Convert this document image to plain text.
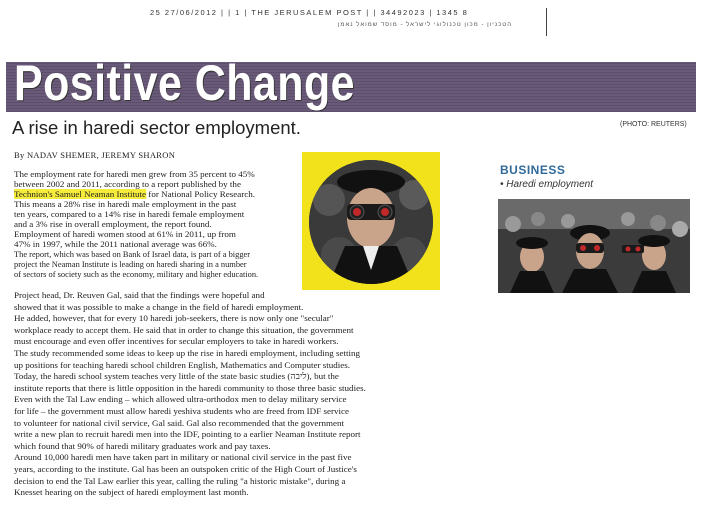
25 27/06/2012 | | 1 | THE JERUSALEM POST | | 34492023 | 1345 8
הטכניון - מכון טכנולוגי לישראל - מוסד שמואל נאמן
Positive Change
A rise in haredi sector employment.	(PHOTO: REUTERS)
By NADAV SHEMER, JEREMY SHARON
The employment rate for haredi men grew from 35 percent to 45%
between 2002 and 2011, according to a report published by the
Technion's Samuel Neaman Institute for National Policy Research.
This means a 28% rise in haredi male employment in the past
ten years, compared to a 14% rise in haredi female employment
and a 3% rise in overall employment, the report found.
Employment of haredi women stood at 61% in 2011, up from
47% in 1997, while the 2011 national average was 66%.
The report, which was based on Bank of Israel data, is part of a bigger
project the Neaman Institute is leading on haredi sharing in a number
of sectors of society such as the economy, military and higher education.
Project head, Dr. Reuven Gal, said that the findings were hopeful and
showed that it was possible to make a change in the field of haredi employment.
He added, however, that for every 10 haredi job-seekers, there is now only one "secular"
workplace ready to accept them. He said that in order to change this situation, the government
must encourage and even offer incentives for secular employers to take in haredi workers.
The study recommended some ideas to keep up the rise in haredi employment, including setting
up positions for teaching haredi school children English, Mathematics and Computer studies.
Today, the haredi school system teaches very little of the state basic studies (ליבה), but the
institute reports that there is little opposition in the haredi community to those three basic studies.
Even with the Tal Law ending – which allowed ultra-orthodox men to delay military service
for life – the government must allow haredi yeshiva students who are freed from IDF service
to volunteer for national civil service, Gal said. Gal also recommended that the government
write a new plan to recruit haredi men into the IDF, pointing to a earlier Neaman Institute report
which found that 90% of haredi military graduates work and pay taxes.
Around 10,000 haredi men have taken part in military or national civil service in the past five
years, according to the institute. Gal has been an outspoken critic of the High Court of Justice's
decision to end the Tal Law earlier this year, calling the ruling "a historic mistake", during a
Knesset hearing on the subject of haredi employment last month.
BUSINESS
• Haredi employment
